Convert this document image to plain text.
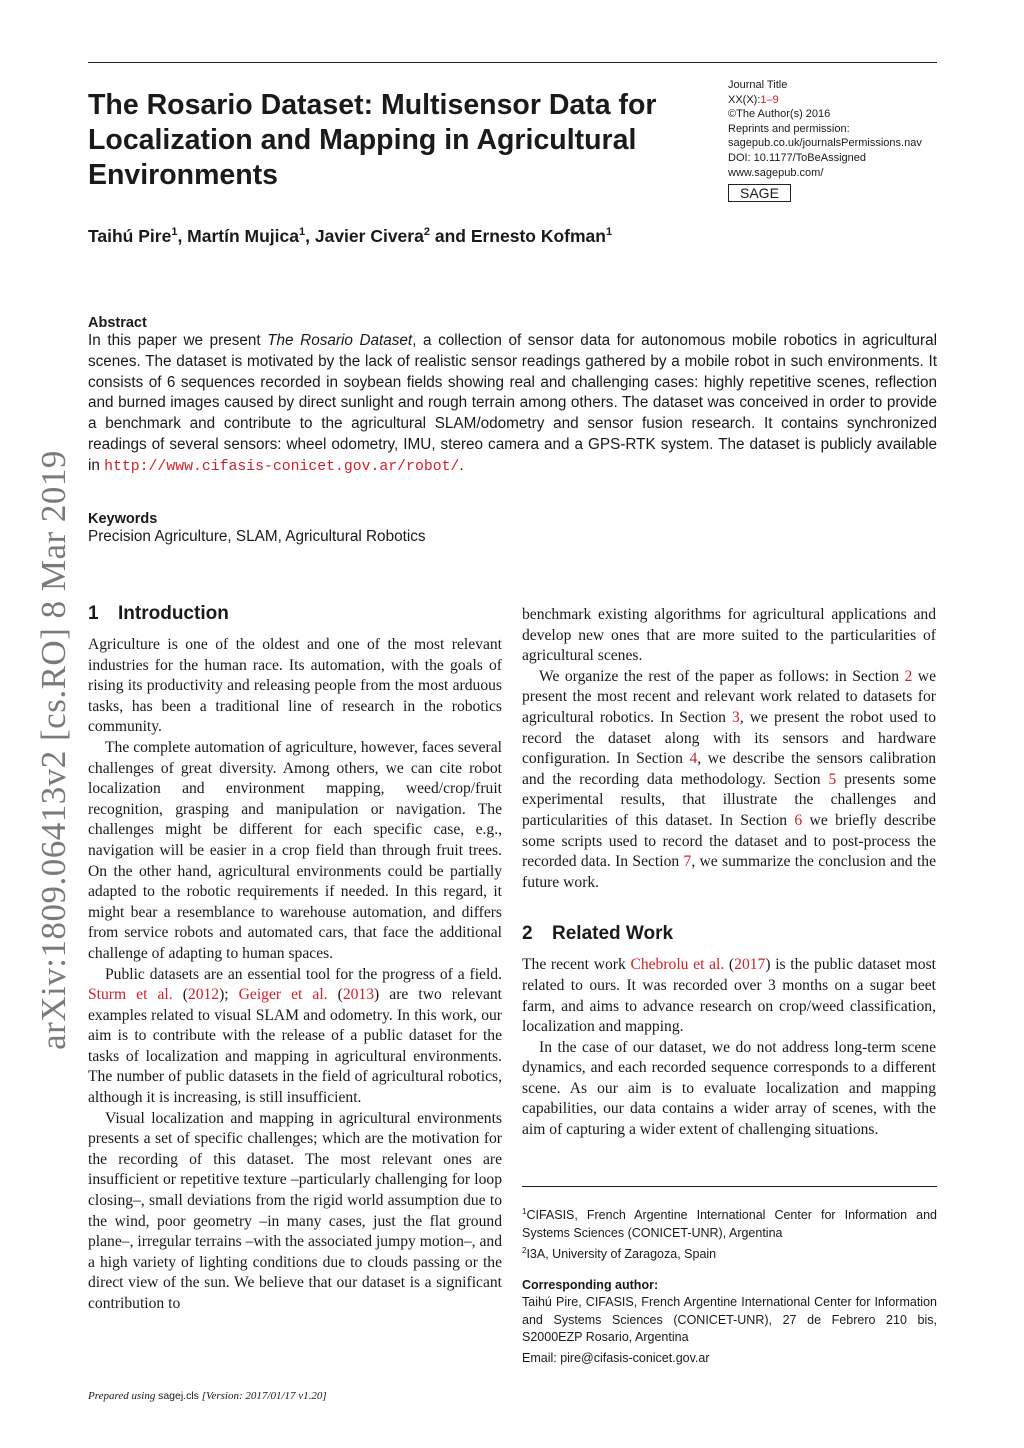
The Rosario Dataset: Multisensor Data for Localization and Mapping in Agricultural Environments
Journal Title
XX(X):1–9
©The Author(s) 2016
Reprints and permission:
sagepub.co.uk/journalsPermissions.nav
DOI: 10.1177/ToBeAssigned
www.sagepub.com/
SAGE
Taihú Pire$^1$, Martín Mujica$^1$, Javier Civera$^2$ and Ernesto Kofman$^1$

Abstract

In this paper we present The Rosario Dataset, a collection of sensor data for autonomous mobile robotics in agricultural scenes. The dataset is motivated by the lack of realistic sensor readings gathered by a mobile robot in such environments. It consists of 6 sequences recorded in soybean fields showing real and challenging cases: highly repetitive scenes, reflection and burned images caused by direct sunlight and rough terrain among others. The dataset was conceived in order to provide a benchmark and contribute to the agricultural SLAM/odometry and sensor fusion research. It contains synchronized readings of several sensors: wheel odometry, IMU, stereo camera and a GPS-RTK system. The dataset is publicly available in http://www.cifasis-conicet.gov.ar/robot/.

Keywords

Precision Agriculture, SLAM, Agricultural Robotics

arXiv:1809.06413v2 [cs.RO] 8 Mar 2019 1 Introduction

Agriculture is one of the oldest and one of the most relevant industries for the human race. Its automation, with the goals of rising its productivity and releasing people from the most arduous tasks, has been a traditional line of research in the robotics community.

The complete automation of agriculture, however, faces several challenges of great diversity. Among others, we can cite robot localization and environment mapping, weed/crop/fruit recognition, grasping and manipulation or navigation. The challenges might be different for each specific case, e.g., navigation will be easier in a crop field than through fruit trees. On the other hand, agricultural environments could be partially adapted to the robotic requirements if needed. In this regard, it might bear a resemblance to warehouse automation, and differs from service robots and automated cars, that face the additional challenge of adapting to human spaces.

Public datasets are an essential tool for the progress of a field. Sturm et al. (2012); Geiger et al. (2013) are two relevant examples related to visual SLAM and odometry. In this work, our aim is to contribute with the release of a public dataset for the tasks of localization and mapping in agricultural environments. The number of public datasets in the field of agricultural robotics, although it is increasing, is still insufficient.

Visual localization and mapping in agricultural environments presents a set of specific challenges; which are the motivation for the recording of this dataset. The most relevant ones are insufficient or repetitive texture –particularly challenging for loop closing–, small deviations from the rigid world assumption due to the wind, poor geometry –in many cases, just the flat ground plane–, irregular terrains –with the associated jumpy motion–, and a high variety of lighting conditions due to clouds passing or the direct view of the sun. We believe that our dataset is a significant contribution to

benchmark existing algorithms for agricultural applications and develop new ones that are more suited to the particularities of agricultural scenes.

We organize the rest of the paper as follows: in Section 2 we present the most recent and relevant work related to datasets for agricultural robotics. In Section 3, we present the robot used to record the dataset along with its sensors and hardware configuration. In Section 4, we describe the sensors calibration and the recording data methodology. Section 5 presents some experimental results, that illustrate the challenges and particularities of this dataset. In Section 6 we briefly describe some scripts used to record the dataset and to post-process the recorded data. In Section 7, we summarize the conclusion and the future work.

2 Related Work

The recent work Chebrolu et al. (2017) is the public dataset most related to ours. It was recorded over 3 months on a sugar beet farm, and aims to advance research on crop/weed classification, localization and mapping.

In the case of our dataset, we do not address long-term scene dynamics, and each recorded sequence corresponds to a different scene. As our aim is to evaluate localization and mapping capabilities, our data contains a wider array of scenes, with the aim of capturing a wider extent of challenging situations.

$^1$CIFASIS, French Argentine International Center for Information and Systems Sciences (CONICET-UNR), Argentina

$^2$I3A, University of Zaragoza, Spain

Corresponding author:

Taihú Pire, CIFASIS, French Argentine International Center for Information and Systems Sciences (CONICET-UNR), 27 de Febrero 210 bis, S2000EZP Rosario, Argentina

Email: pire@cifasis-conicet.gov.ar

Prepared using sagej.cls [Version: 2017/01/17 v1.20]
